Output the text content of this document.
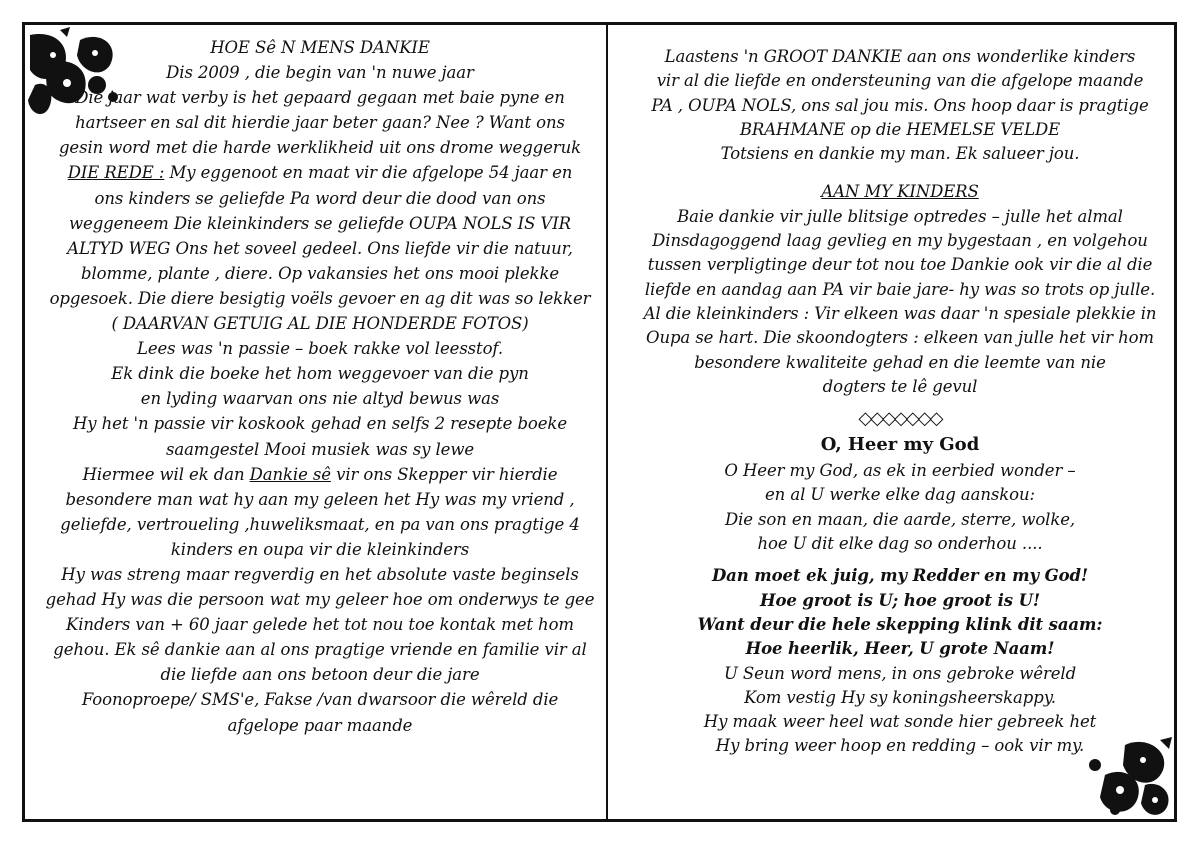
HOE Sê N MENS DANKIE
Dis 2009 , die begin van 'n nuwe jaar
Die jaar wat verby is het gepaard gegaan met baie pyne en
hartseer en sal dit hierdie jaar beter gaan? Nee ? Want ons
gesin word met die harde werklikheid uit ons drome weggeruk
DIE REDE : My eggenoot en maat vir die afgelope 54 jaar en
ons kinders se geliefde Pa word deur die dood van ons
weggeneem Die kleinkinders se geliefde OUPA NOLS IS VIR
ALTYD WEG Ons het soveel gedeel. Ons liefde vir die natuur,
blomme, plante , diere. Op vakansies het ons mooi plekke
opgesoek. Die diere besigtig voëls gevoer en ag dit was so lekker
( DAARVAN GETUIG AL DIE HONDERDE FOTOS)
Lees was 'n passie – boek rakke vol leesstof.
Ek dink die boeke het hom weggevoer van die pyn
en lyding waarvan ons nie altyd bewus was
Hy het 'n passie vir koskook gehad en selfs 2 resepte boeke
saamgestel Mooi musiek was sy lewe
Hiermee wil ek dan Dankie sê vir ons Skepper vir hierdie
besondere man wat hy aan my geleen het Hy was my vriend ,
geliefde, vertroueling ,huweliksmaat, en pa van ons pragtige 4
kinders en oupa vir die kleinkinders
Hy was streng maar regverdig en het absolute vaste beginsels
gehad Hy was die persoon wat my geleer hoe om onderwys te gee
Kinders van + 60 jaar gelede het tot nou toe kontak met hom
gehou. Ek sê dankie aan al ons pragtige vriende en familie vir al
die liefde aan ons betoon deur die jare
Foonoproepe/ SMS'e, Fakse /van dwarsoor die wêreld die
afgelope paar maande
Laastens 'n GROOT DANKIE aan ons wonderlike kinders
vir al die liefde en ondersteuning van die afgelope maande
PA , OUPA NOLS, ons sal jou mis. Ons hoop daar is pragtige
BRAHMANE op die HEMELSE VELDE
Totsiens en dankie my man. Ek salueer jou.
AAN MY KINDERS
Baie dankie vir julle blitsige optredes – julle het almal
Dinsdagoggend laag gevlieg en my bygestaan , en volgehou
tussen verpligtinge deur tot nou toe Dankie ook vir die al die
liefde en aandag aan PA vir baie jare- hy was so trots op julle.
Al die kleinkinders : Vir elkeen was daar 'n spesiale plekkie in
Oupa se hart. Die skoondogters : elkeen van julle het vir hom
besondere kwaliteite gehad en die leemte van nie
dogters te lê gevul
◇◇◇◇◇◇◇
O, Heer my God
O Heer my God, as ek in eerbied wonder –
en al U werke elke dag aanskou:
Die son en maan, die aarde, sterre, wolke,
hoe U dit elke dag so onderhou ....
Dan moet ek juig, my Redder en my God!
Hoe groot is U; hoe groot is U!
Want deur die hele skepping klink dit saam:
Hoe heerlik, Heer, U grote Naam!
U Seun word mens, in ons gebroke wêreld
Kom vestig Hy sy koningsheerskappy.
Hy maak weer heel wat sonde hier gebreek het
Hy bring weer hoop en redding – ook vir my.
